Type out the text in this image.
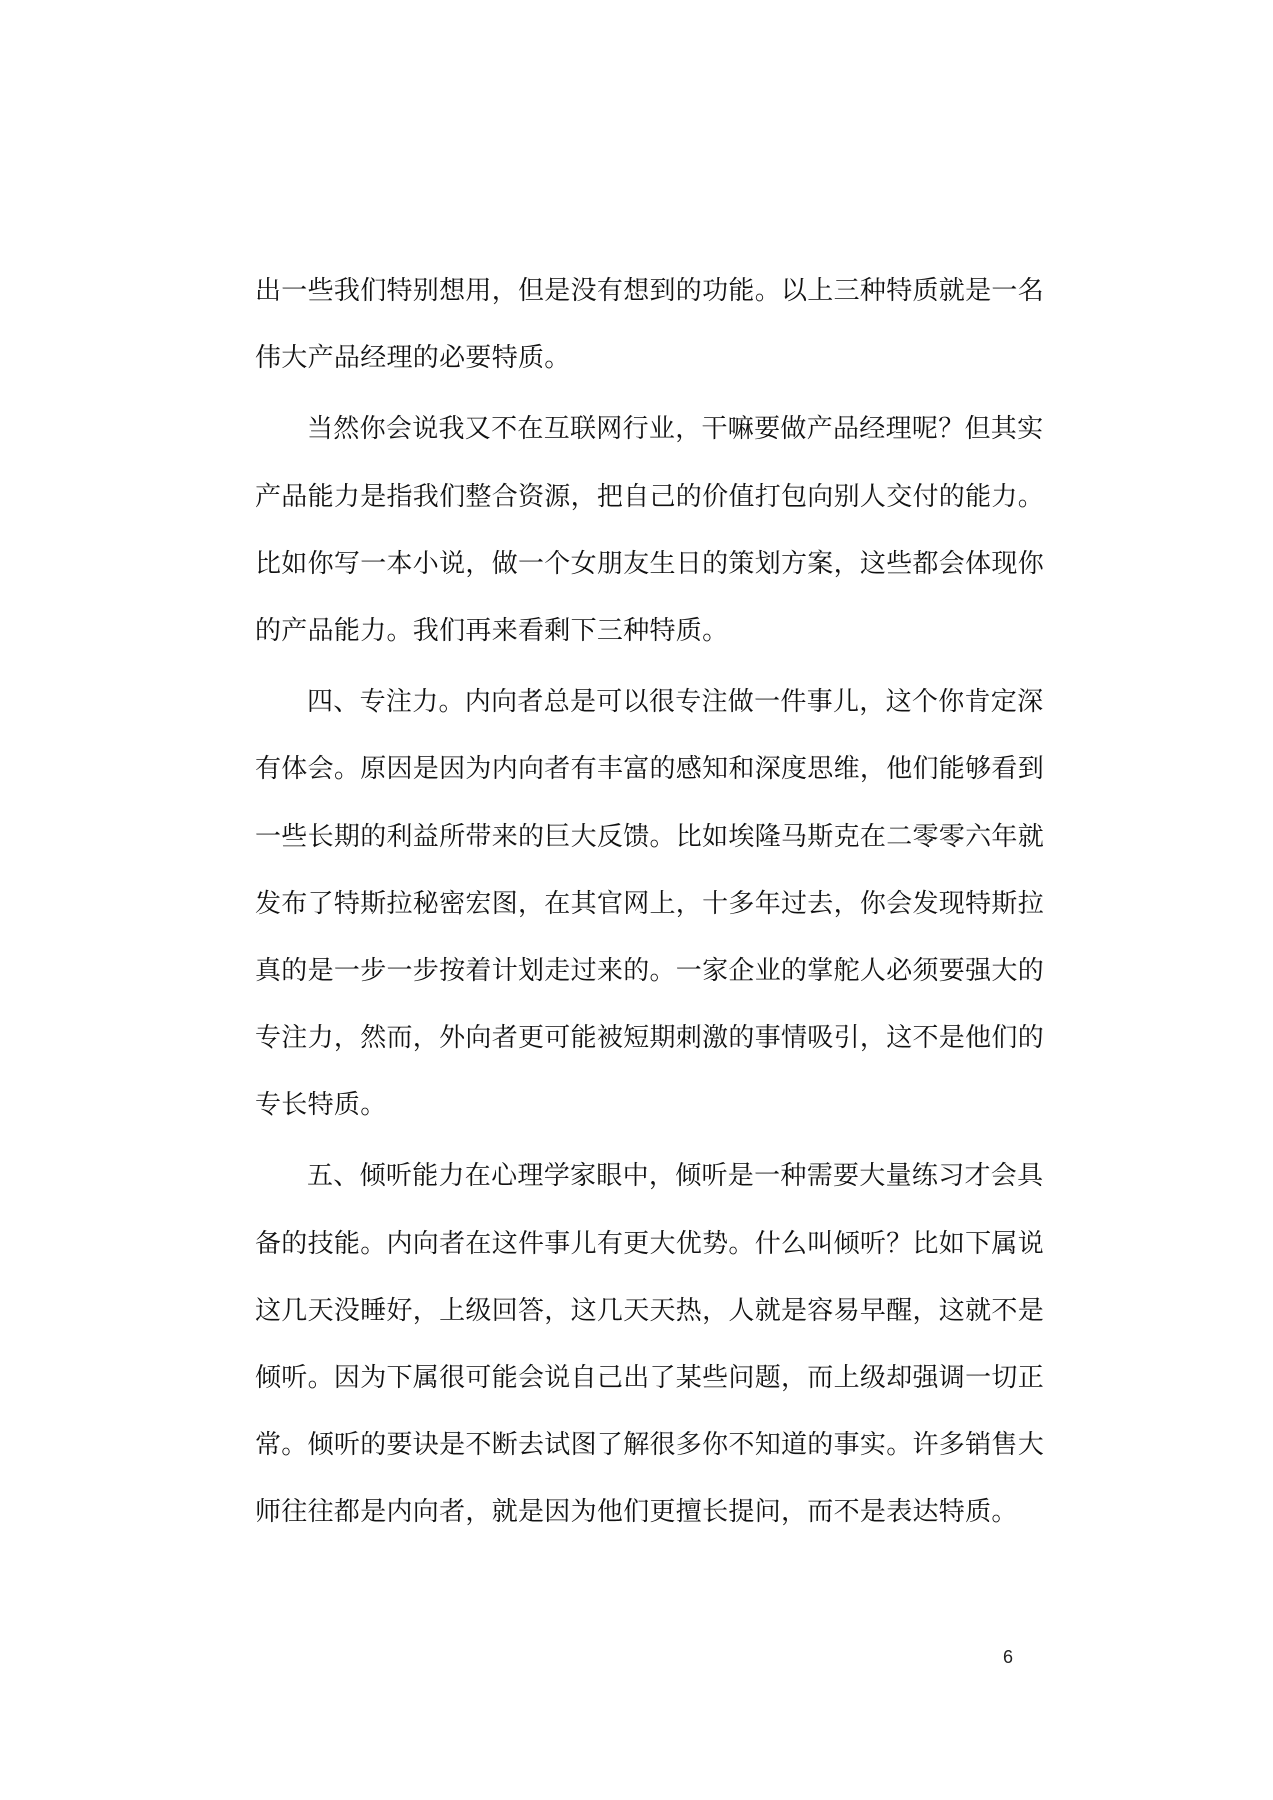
出一些我们特别想用，但是没有想到的功能。以上三种特质就是一名
伟大产品经理的必要特质。

当然你会说我又不在互联网行业，干嘛要做产品经理呢？但其实
产品能力是指我们整合资源，把自己的价值打包向别人交付的能力。
比如你写一本小说，做一个女朋友生日的策划方案，这些都会体现你
的产品能力。我们再来看剩下三种特质。

四、专注力。内向者总是可以很专注做一件事儿，这个你肯定深
有体会。原因是因为内向者有丰富的感知和深度思维，他们能够看到
一些长期的利益所带来的巨大反馈。比如埃隆马斯克在二零零六年就
发布了特斯拉秘密宏图，在其官网上，十多年过去，你会发现特斯拉
真的是一步一步按着计划走过来的。一家企业的掌舵人必须要强大的
专注力，然而，外向者更可能被短期刺激的事情吸引，这不是他们的
专长特质。

五、倾听能力在心理学家眼中，倾听是一种需要大量练习才会具
备的技能。内向者在这件事儿有更大优势。什么叫倾听？比如下属说
这几天没睡好，上级回答，这几天天热，人就是容易早醒，这就不是
倾听。因为下属很可能会说自己出了某些问题，而上级却强调一切正
常。倾听的要诀是不断去试图了解很多你不知道的事实。许多销售大
师往往都是内向者，就是因为他们更擅长提问，而不是表达特质。

6
